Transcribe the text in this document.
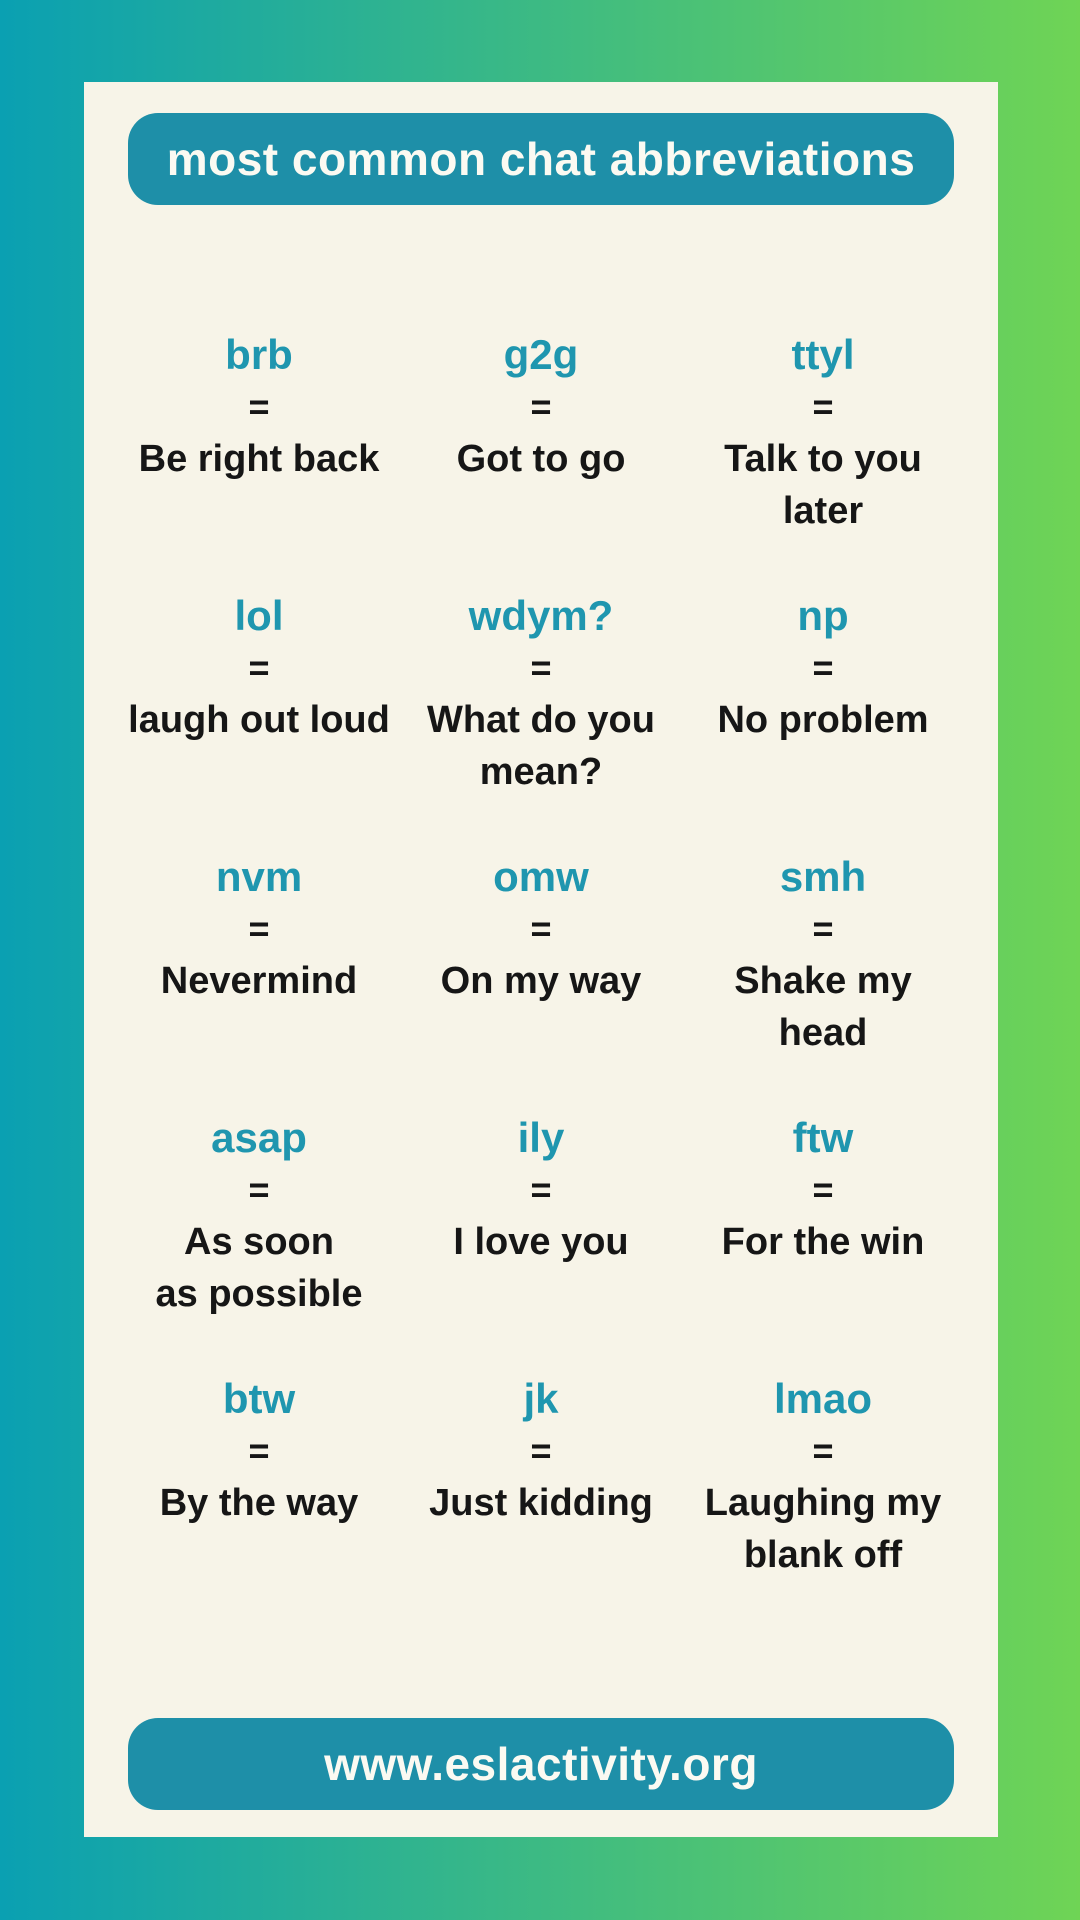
most common chat abbreviations
brb
=
Be right back
g2g
=
Got to go
ttyl
=
Talk to you
later
lol
=
laugh out loud
wdym?
=
What do you
mean?
np
=
No problem
nvm
=
Nevermind
omw
=
On my way
smh
=
Shake my
head
asap
=
As soon
as possible
ily
=
I love you
ftw
=
For the win
btw
=
By the way
jk
=
Just kidding
lmao
=
Laughing my
blank off
www.eslactivity.org
